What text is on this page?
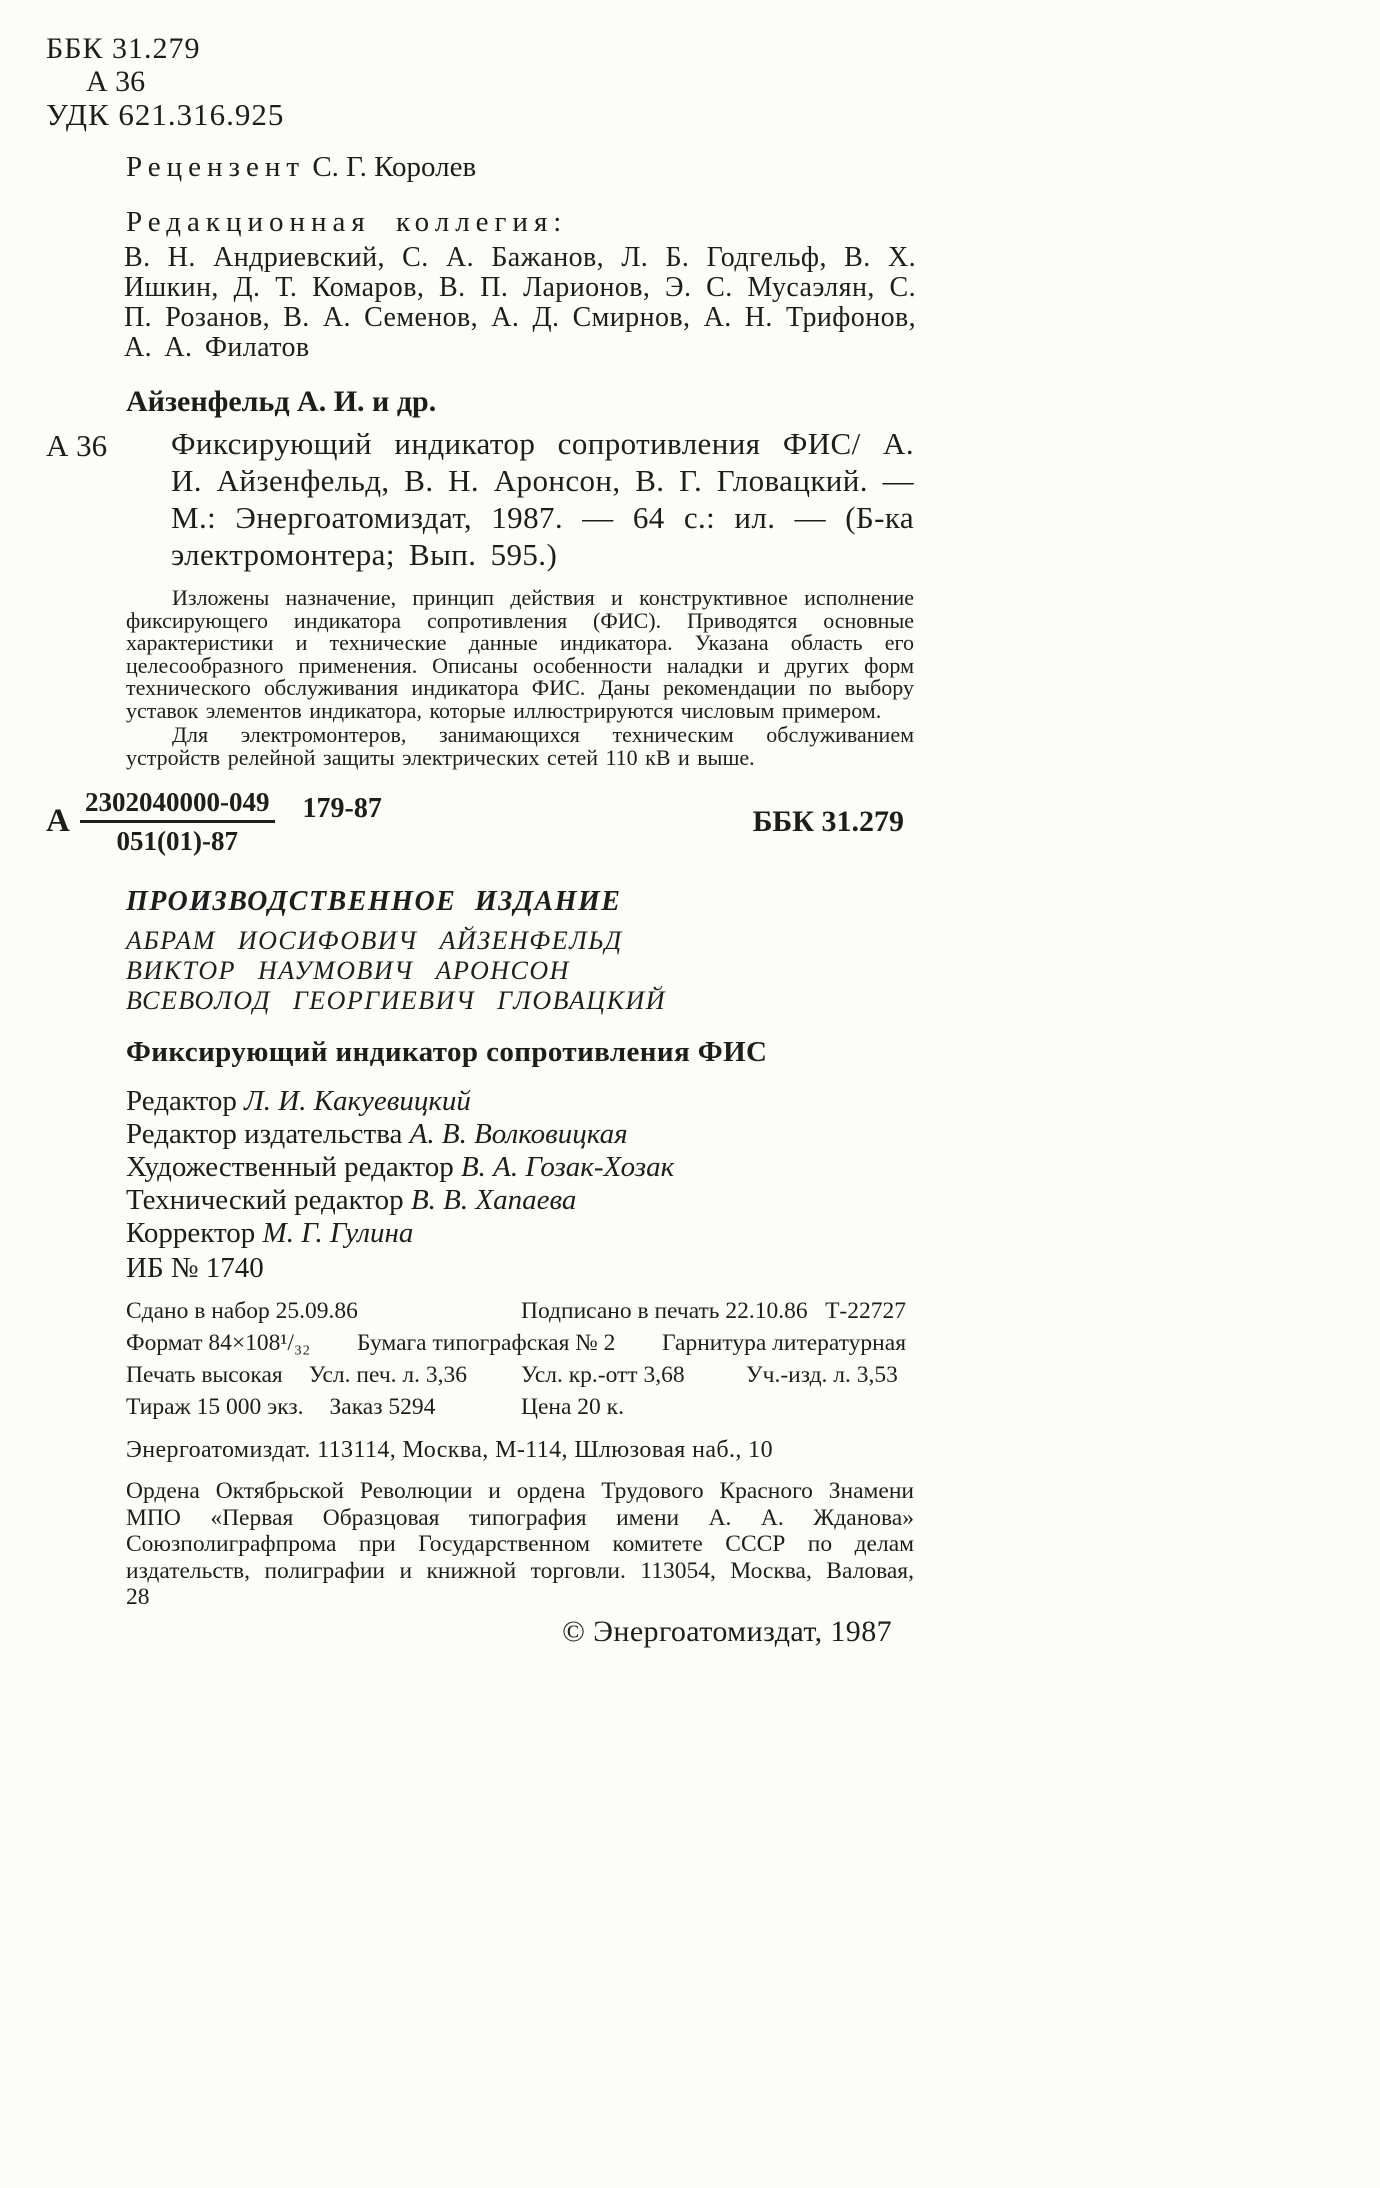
ББК 31.279
А 36
УДК 621.316.925

Рецензент С. Г. Королев

Редакционная коллегия:

В. Н. Андриевский, С. А. Бажанов, Л. Б. Годгельф, В. Х. Ишкин, Д. Т. Комаров, В. П. Ларионов, Э. С. Мусаэлян, С. П. Розанов, В. А. Семенов, А. Д. Смирнов, А. Н. Трифонов, А. А. Филатов

Айзенфельд А. И. и др.

А 36	Фиксирующий индикатор сопротивления ФИС/ А. И. Айзенфельд, В. Н. Аронсон, В. Г. Гловацкий. — М.: Энергоатомиздат, 1987. — 64 с.: ил. — (Б-ка электромонтера; Вып. 595.)

Изложены назначение, принцип действия и конструктивное исполнение фиксирующего индикатора сопротивления (ФИС). Приводятся основные характеристики и технические данные индикатора. Указана область его целесообразного применения. Описаны особенности наладки и других форм технического обслуживания индикатора ФИС. Даны рекомендации по выбору уставок элементов индикатора, которые иллюстрируются числовым примером.

Для электромонтеров, занимающихся техническим обслуживанием устройств релейной защиты электрических сетей 110 кВ и выше.

А $\frac{2302040000-049}{051(01)-87} 179-87$	ББК 31.279

ПРОИЗВОДСТВЕННОЕ ИЗДАНИЕ

АБРАМ ИОСИФОВИЧ АЙЗЕНФЕЛЬД

ВИКТОР НАУМОВИЧ АРОНСОН

ВСЕВОЛОД ГЕОРГИЕВИЧ ГЛОВАЦКИЙ

Фиксирующий индикатор сопротивления ФИС

Редактор Л. И. Какуевицкий

Редактор издательства А. В. Волковицкая

Художественный редактор В. А. Гозак-Хозак

Технический редактор В. В. Хапаева

Корректор М. Г. Гулина

ИБ № 1740

Сдано в набор 25.09.86	Подписано в печать 22.10.86 Т-22727
Формат 84×108¹/₃₂ Бумага типографская № 2 Гарнитура литературная
Печать высокая Усл. печ. л. 3,36 Усл. кр.-отт 3,68	Уч.-изд. л. 3,53
Тираж 15 000 экз. Заказ 5294	Цена 20 к.

Энергоатомиздат. 113114, Москва, М-114, Шлюзовая наб., 10

Ордена Октябрьской Революции и ордена Трудового Красного Знамени МПО «Первая Образцовая типография имени А. А. Жданова» Союзполиграфпрома при Государственном комитете СССР по делам издательств, полиграфии и книжной торговли. 113054, Москва, Валовая, 28

© Энергоатомиздат, 1987
